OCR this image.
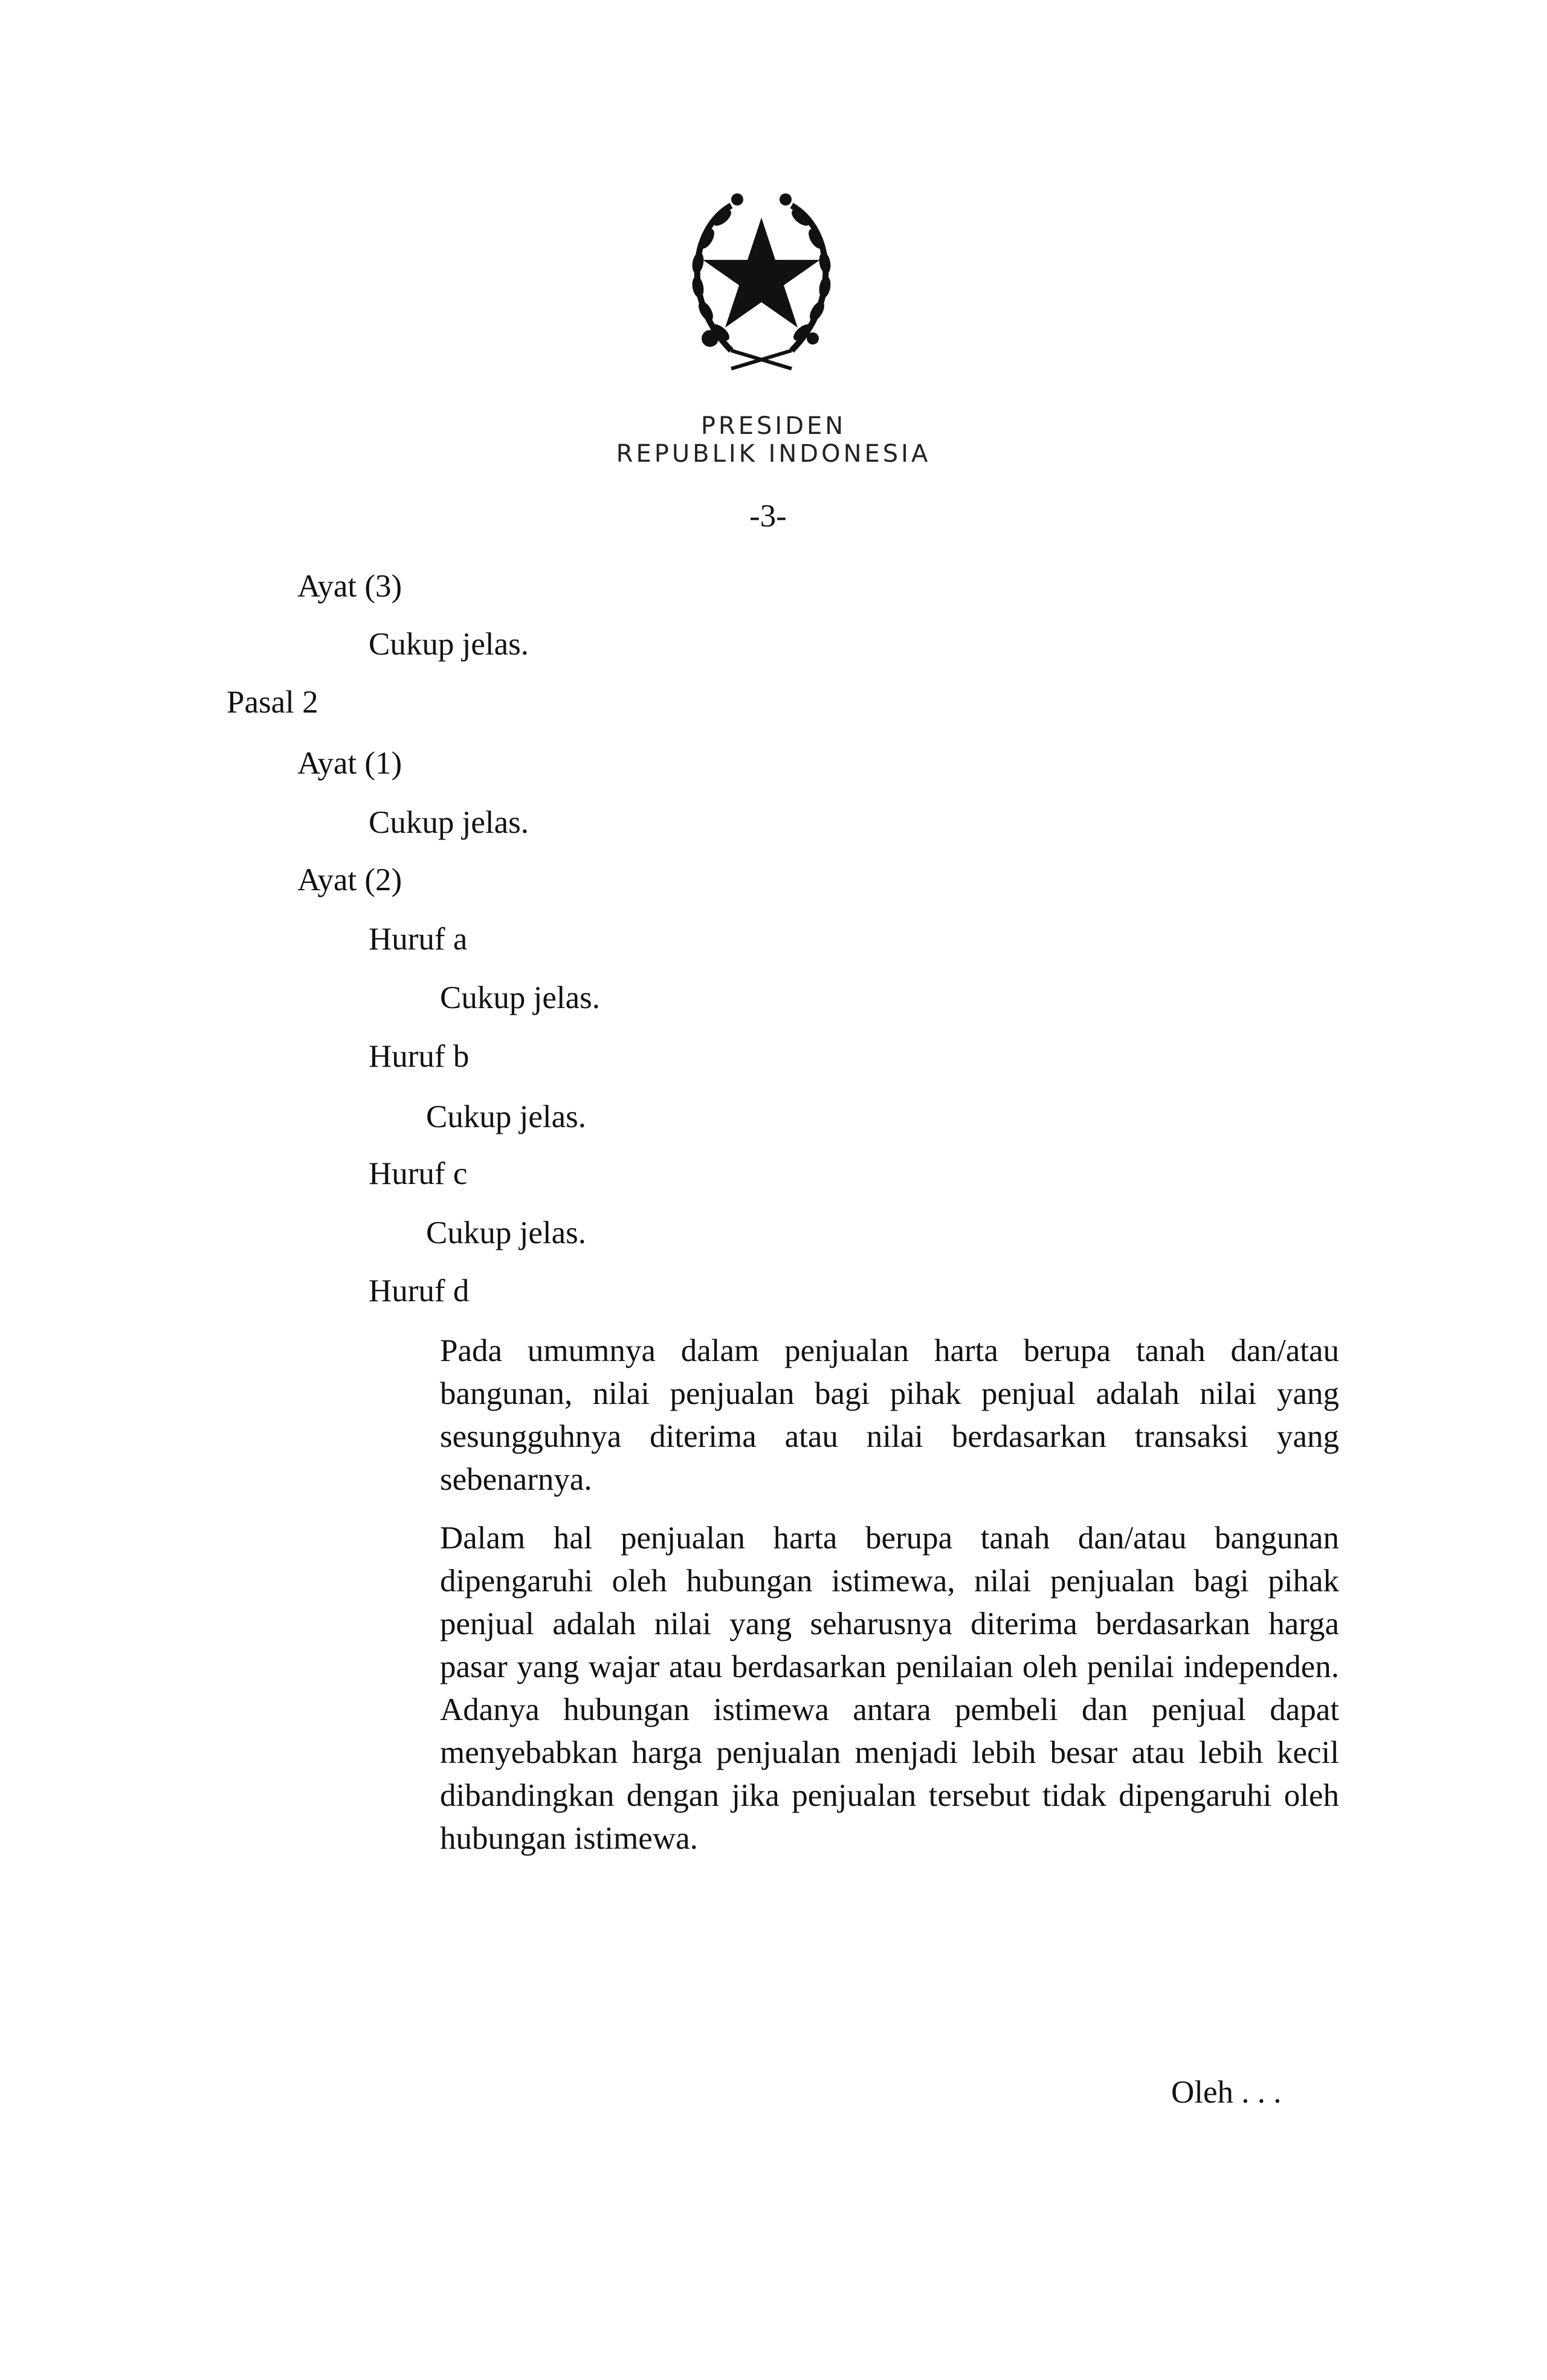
PRESIDEN
REPUBLIK INDONESIA
-3-
Ayat (3)
Cukup jelas.
Pasal 2
Ayat (1)
Cukup jelas.
Ayat (2)
Huruf a
Cukup jelas.
Huruf b
Cukup jelas.
Huruf c
Cukup jelas.
Huruf d
Pada umumnya dalam penjualan harta berupa tanah dan/atau bangunan, nilai penjualan bagi pihak penjual adalah nilai yang sesungguhnya diterima atau nilai berdasarkan transaksi yang sebenarnya.
Dalam hal penjualan harta berupa tanah dan/atau bangunan dipengaruhi oleh hubungan istimewa, nilai penjualan bagi pihak penjual adalah nilai yang seharusnya diterima berdasarkan harga pasar yang wajar atau berdasarkan penilaian oleh penilai independen. Adanya hubungan istimewa antara pembeli dan penjual dapat menyebabkan harga penjualan menjadi lebih besar atau lebih kecil dibandingkan dengan jika penjualan tersebut tidak dipengaruhi oleh hubungan istimewa.
Oleh . . .
